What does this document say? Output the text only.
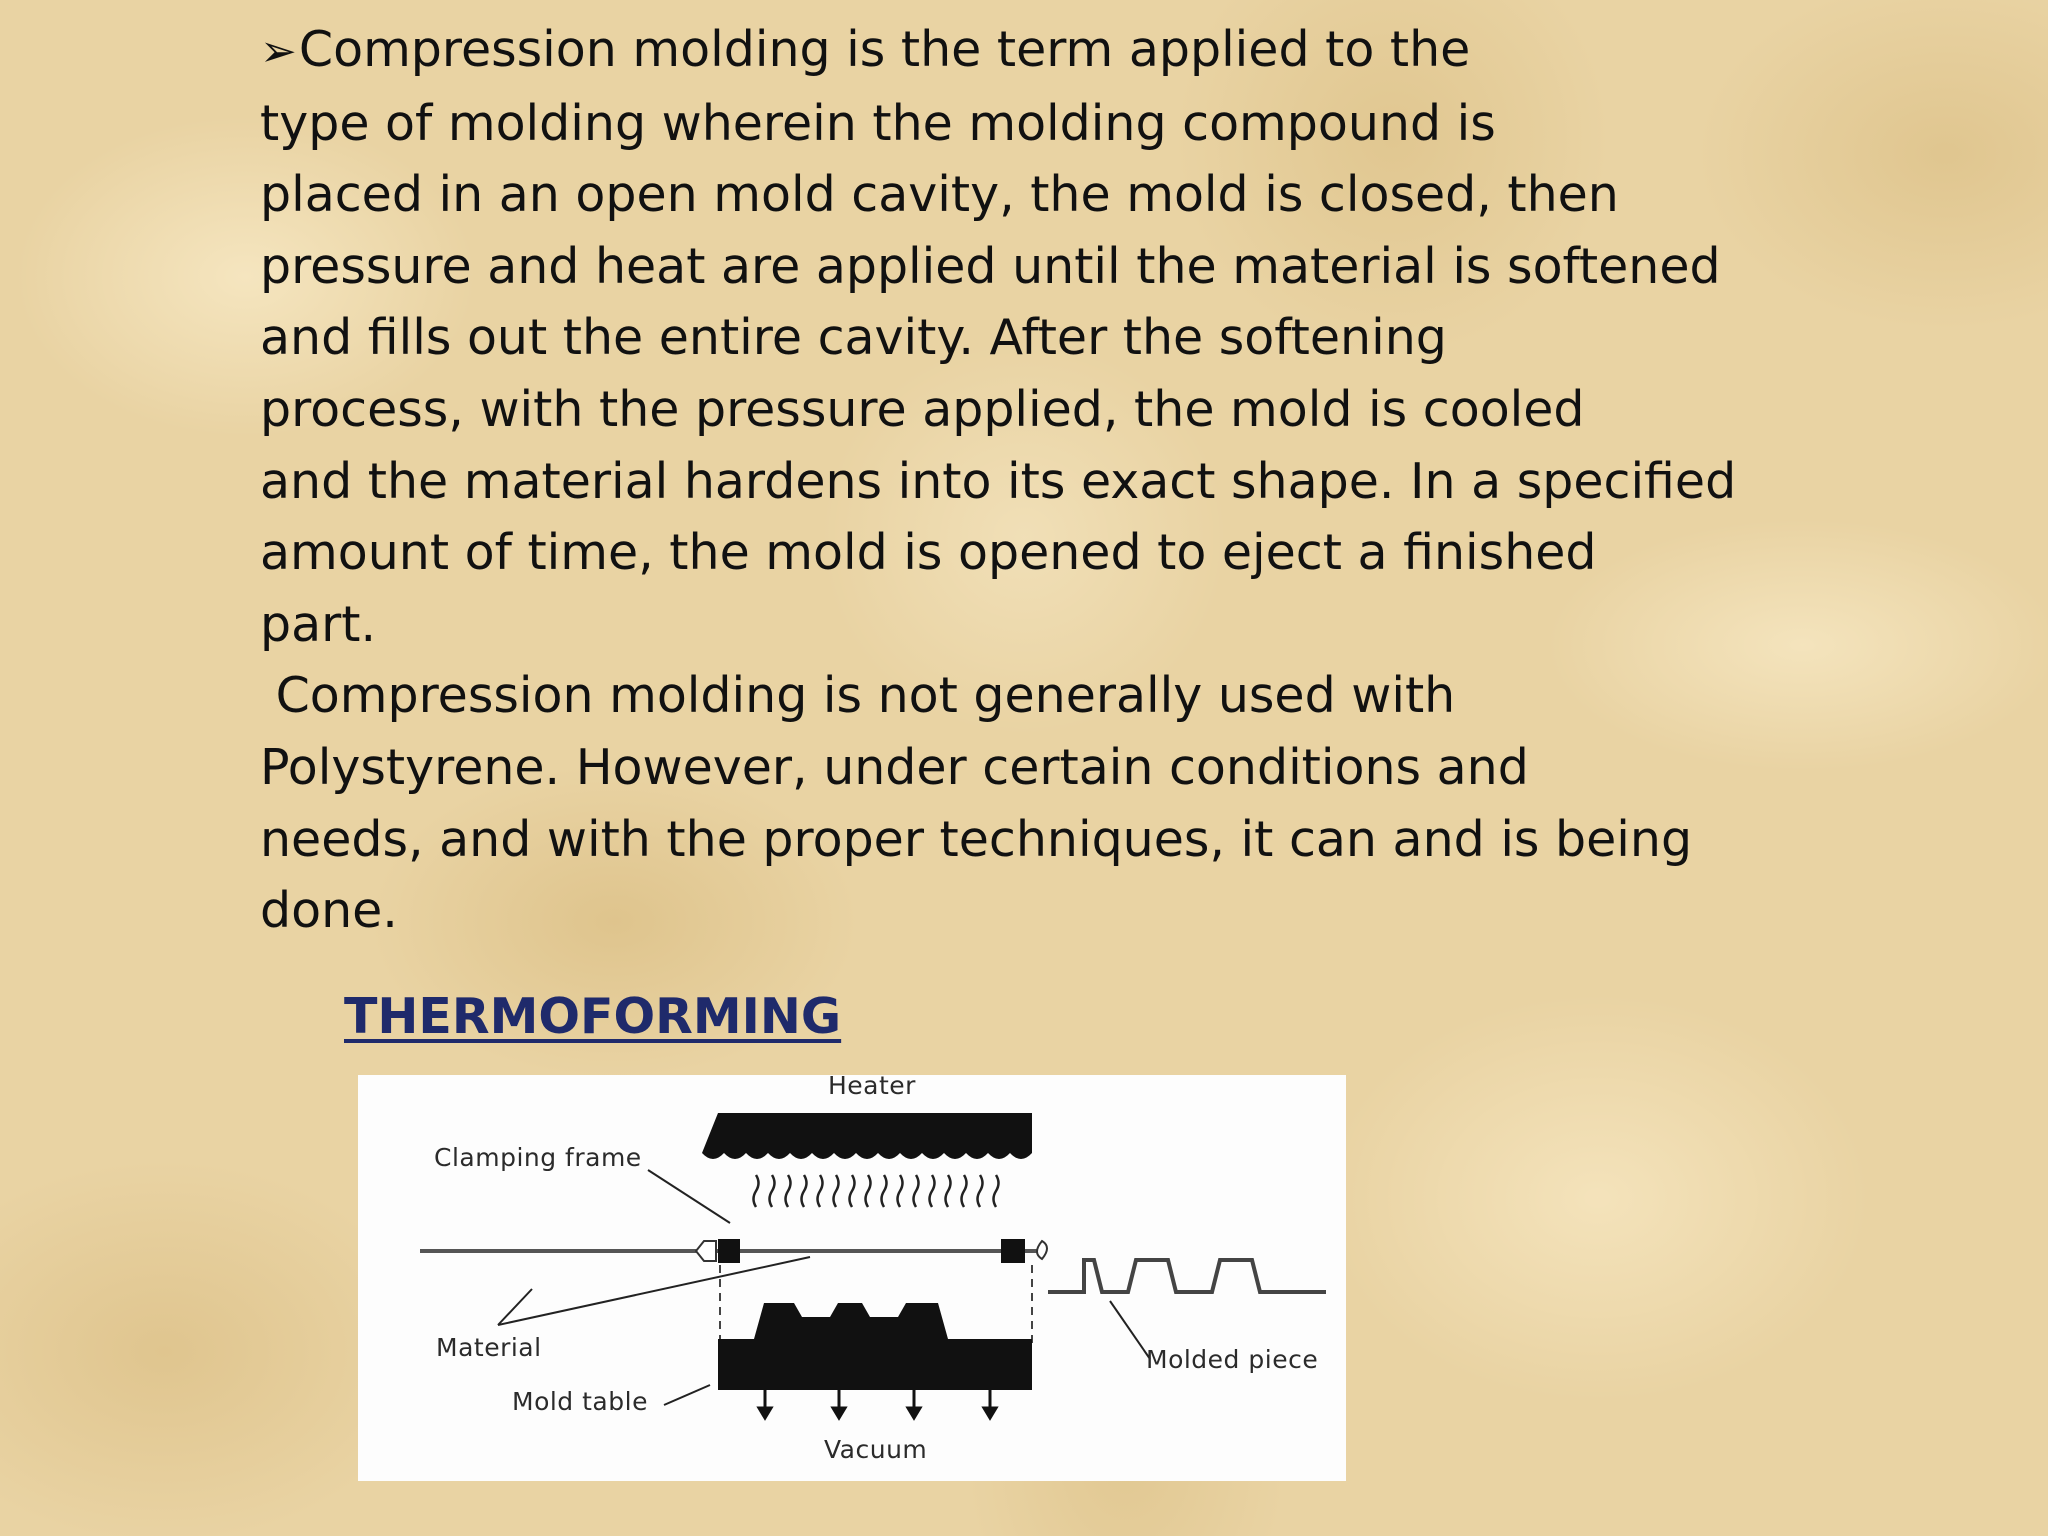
➢Compression molding is the term applied to the
type of molding wherein the molding compound is
placed in an open mold cavity, the mold is closed, then
pressure and heat are applied until the material is softened
and fills out the entire cavity. After the softening
process, with the pressure applied, the mold is cooled
and the material hardens into its exact shape. In a specified
amount of time, the mold is opened to eject a finished
part.
Compression molding is not generally used with
Polystyrene. However, under certain conditions and
needs, and with the proper techniques, it can and is being
done.
THERMOFORMING
Heater
Clamping frame
Material
Mold table
Vacuum
Molded piece
